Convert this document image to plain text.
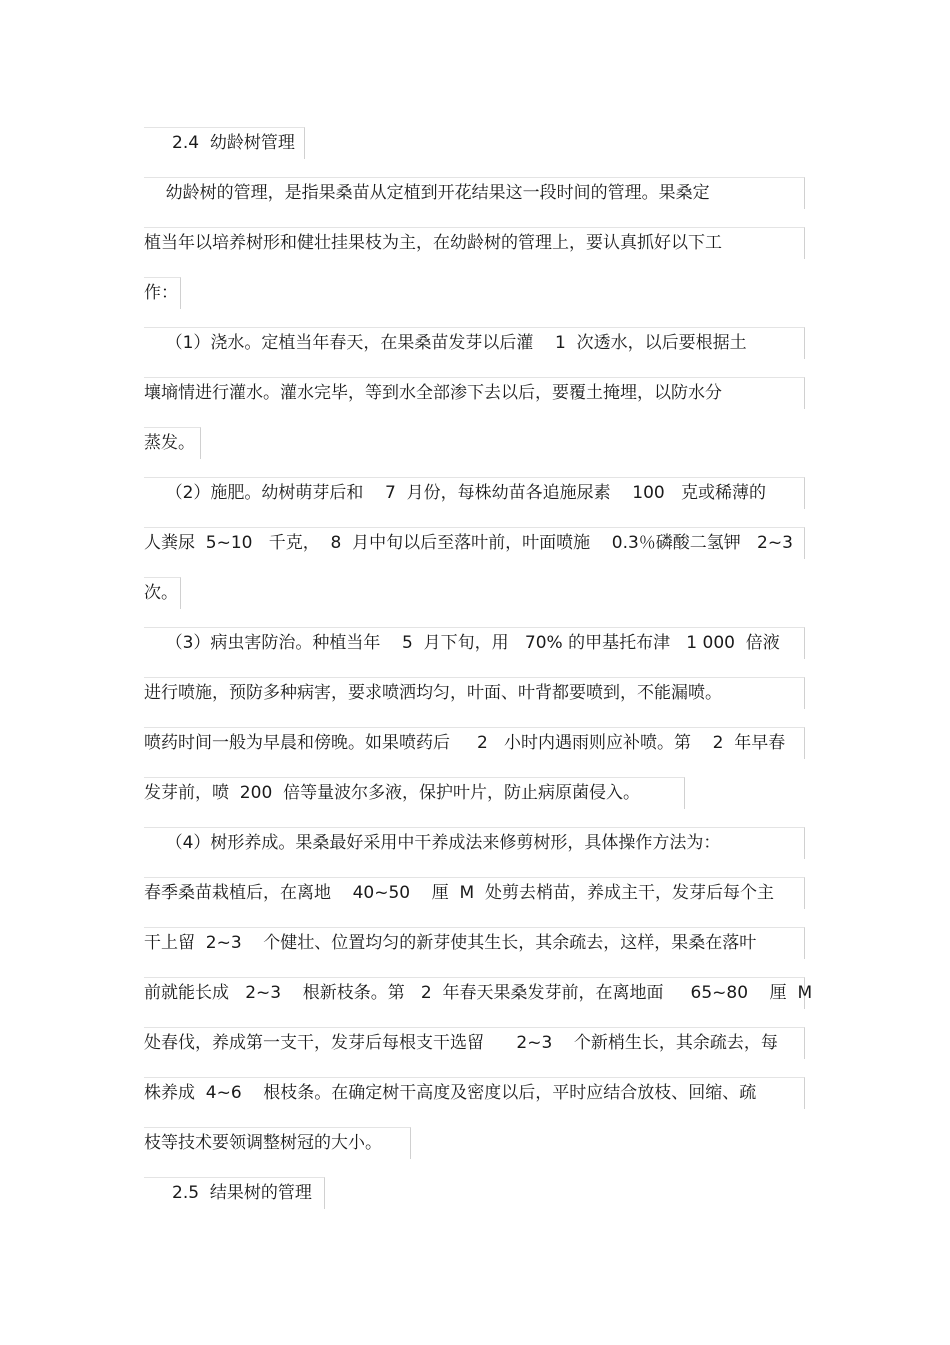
2.4  幼龄树管理
幼龄树的管理，是指果桑苗从定植到开花结果这一段时间的管理。果桑定
植当年以培养树形和健壮挂果枝为主，在幼龄树的管理上，要认真抓好以下工
作：
（1）浇水。定植当年春天，在果桑苗发芽以后灌    1  次透水，以后要根据土
壤墒情进行灌水。灌水完毕，等到水全部渗下去以后，要覆土掩埋，以防水分
蒸发。
（2）施肥。幼树萌芽后和    7  月份，每株幼苗各追施尿素    100   克或稀薄的
人粪尿  5~10   千克，  8  月中旬以后至落叶前，叶面喷施    0.3％磷酸二氢钾   2~3
次。
（3）病虫害防治。种植当年    5  月下旬，用   70% 的甲基托布津   1 000  倍液
进行喷施，预防多种病害，要求喷洒均匀，叶面、叶背都要喷到，不能漏喷。
喷药时间一般为早晨和傍晚。如果喷药后     2   小时内遇雨则应补喷。第    2  年早春
发芽前，喷  200  倍等量波尔多液，保护叶片，防止病原菌侵入。
（4）树形养成。果桑最好采用中干养成法来修剪树形，具体操作方法为：
春季桑苗栽植后，在离地    40~50    厘  M  处剪去梢苗，养成主干，发芽后每个主
干上留  2~3    个健壮、位置均匀的新芽使其生长，其余疏去，这样，果桑在落叶
前就能长成   2~3    根新枝条。第   2  年春天果桑发芽前，在离地面     65~80    厘  M
处春伐，养成第一支干，发芽后每根支干选留      2~3    个新梢生长，其余疏去，每
株养成  4~6    根枝条。在确定树干高度及密度以后，平时应结合放枝、回缩、疏
枝等技术要领调整树冠的大小。
2.5  结果树的管理
